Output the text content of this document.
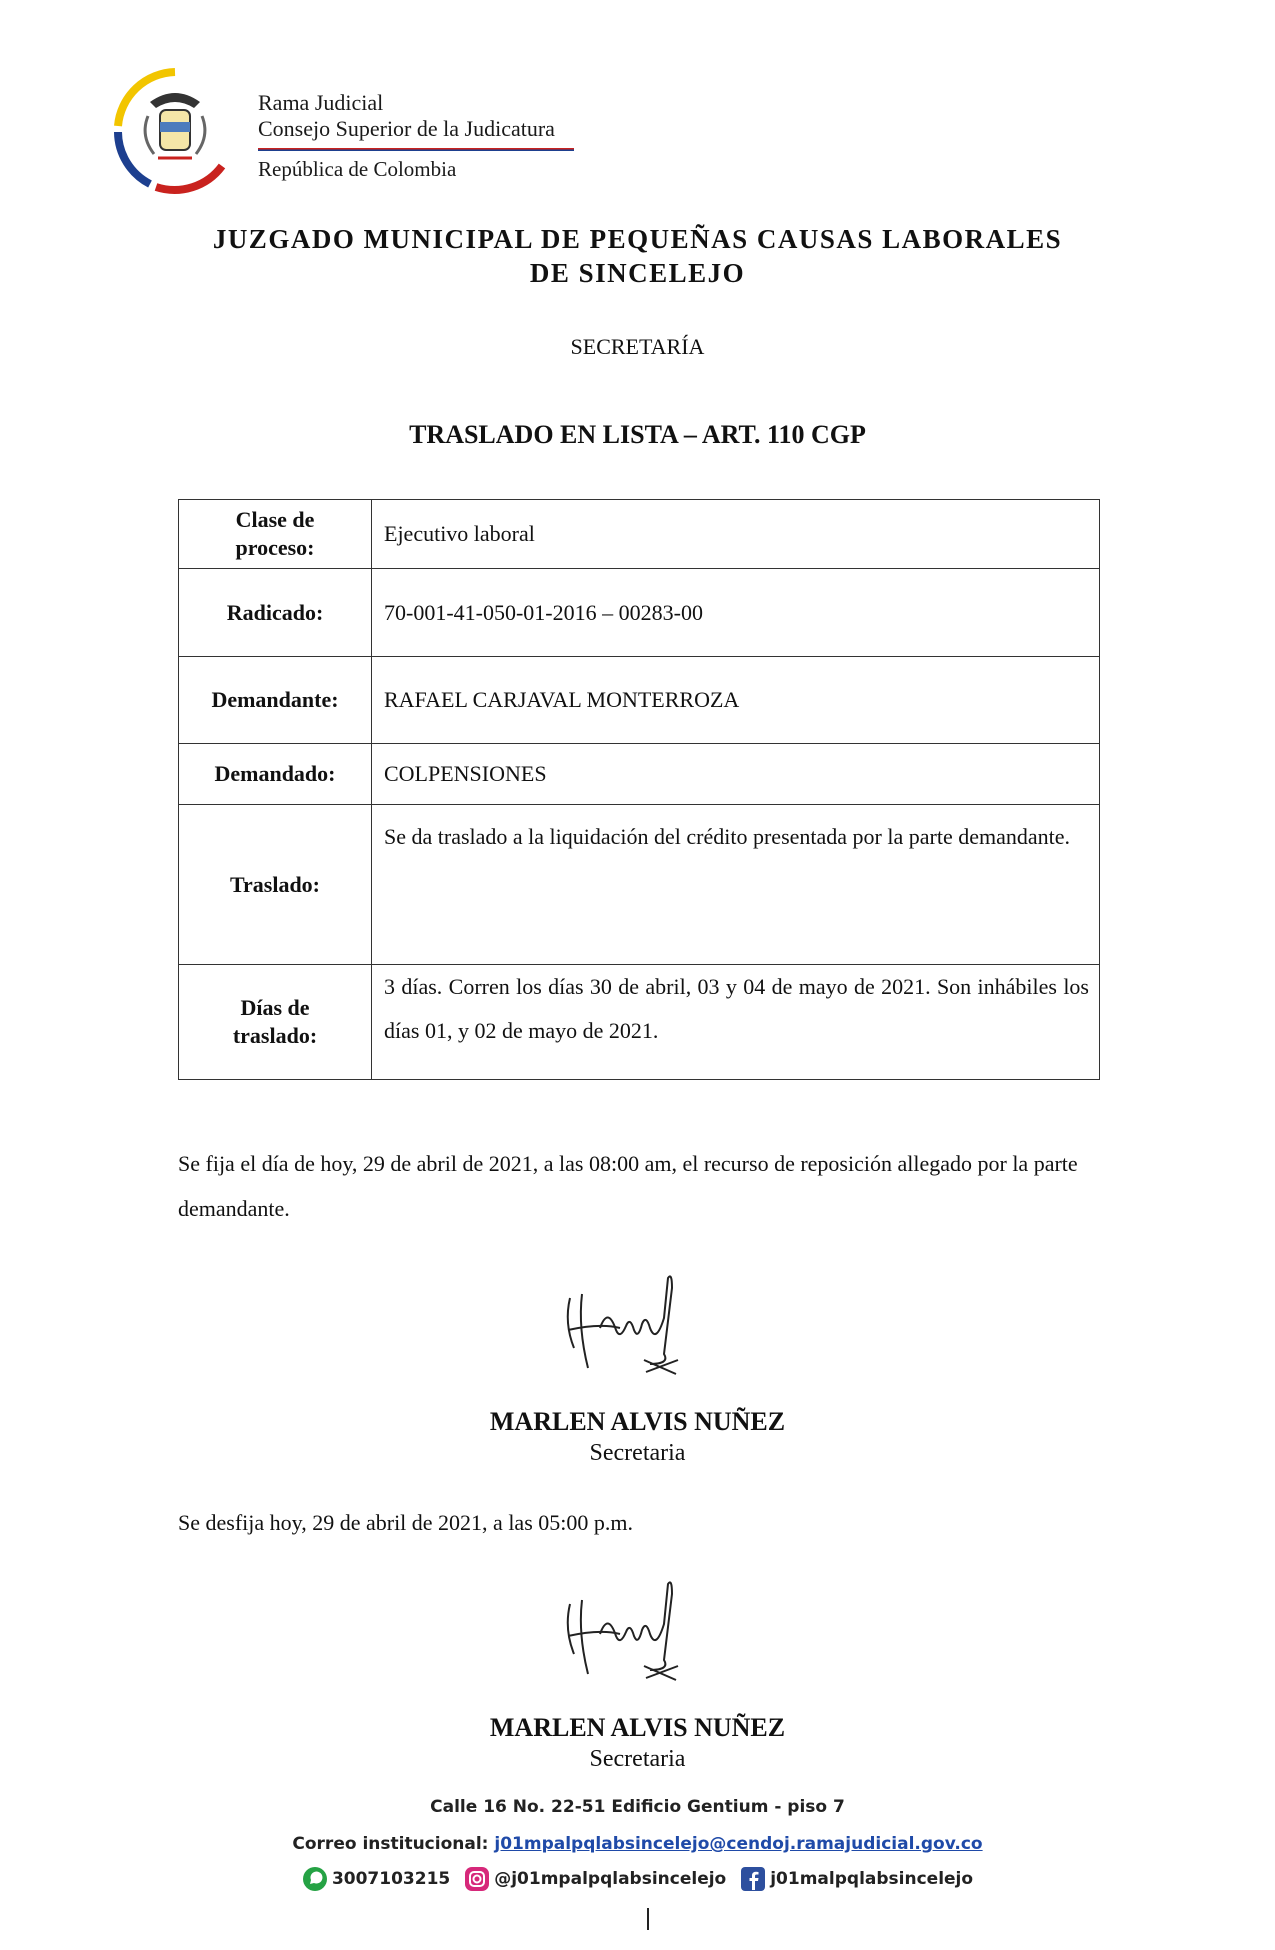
Rama Judicial
Consejo Superior de la Judicatura
República de Colombia
JUZGADO MUNICIPAL DE PEQUEÑAS CAUSAS LABORALES
DE SINCELEJO
SECRETARÍA
TRASLADO EN LISTA – ART. 110 CGP
Clase de
proceso:	Ejecutivo laboral
Radicado:	70-001-41-050-01-2016 – 00283-00
Demandante:	RAFAEL CARJAVAL MONTERROZA
Demandado:	COLPENSIONES
Traslado:	Se da traslado a la liquidación del crédito presentada por la parte demandante.

Días de
traslado:	3 días. Corren los días 30 de abril, 03 y 04 de mayo de 2021. Son inhábiles los días 01, y 02 de mayo de 2021.
Se fija el día de hoy, 29 de abril de 2021, a las 08:00 am, el recurso de reposición allegado por la parte demandante.
MARLEN ALVIS NUÑEZ
Secretaria
Se desfija hoy, 29 de abril de 2021, a las 05:00 p.m.
MARLEN ALVIS NUÑEZ
Secretaria
Calle 16 No. 22-51 Edificio Gentium - piso 7
Correo institucional: j01mpalpqlabsincelejo@cendoj.ramajudicial.gov.co
3007103215	@j01mpalpqlabsincelejo	j01malpqlabsincelejo
